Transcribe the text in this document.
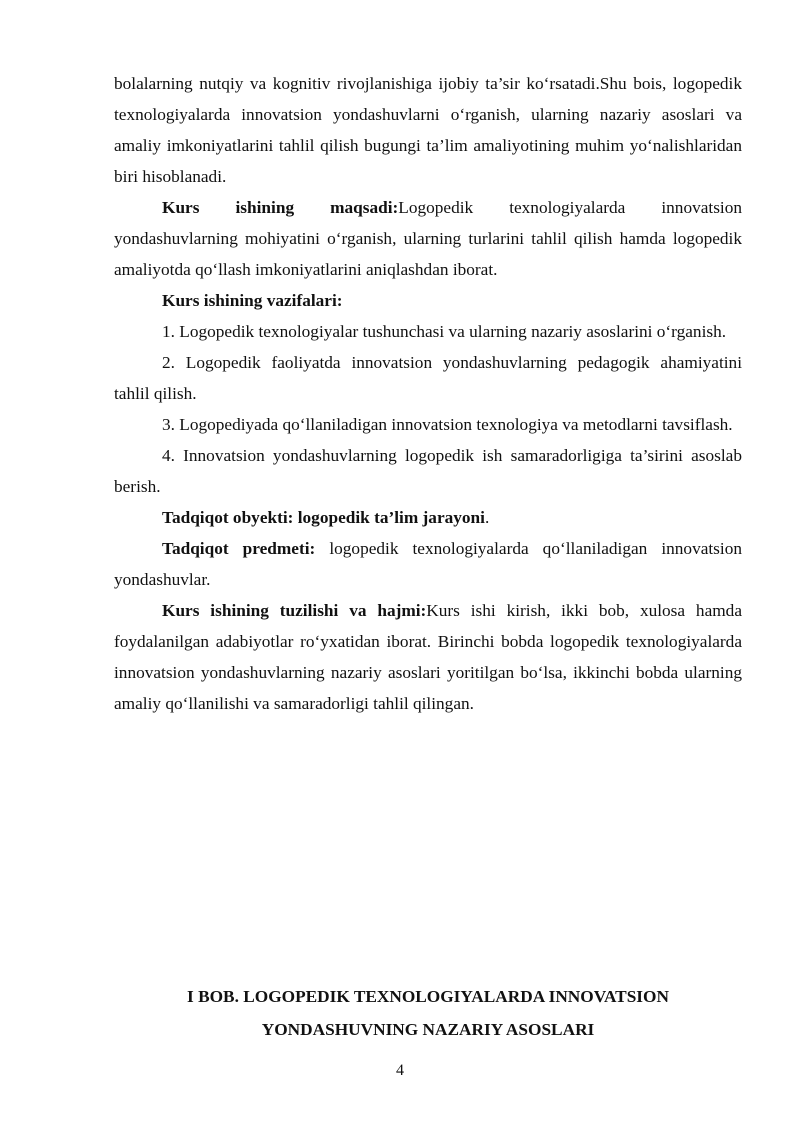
bolalarning nutqiy va kognitiv rivojlanishiga ijobiy ta’sir ko‘rsatadi.Shu bois, logopedik texnologiyalarda innovatsion yondashuvlarni o‘rganish, ularning nazariy asoslari va amaliy imkoniyatlarini tahlil qilish bugungi ta’lim amaliyotining muhim yo‘nalishlaridan biri hisoblanadi.

Kurs ishining maqsadi:Logopedik texnologiyalarda innovatsion yondashuvlarning mohiyatini o‘rganish, ularning turlarini tahlil qilish hamda logopedik amaliyotda qo‘llash imkoniyatlarini aniqlashdan iborat.

Kurs ishining vazifalari:

1. Logopedik texnologiyalar tushunchasi va ularning nazariy asoslarini o‘rganish.

2. Logopedik faoliyatda innovatsion yondashuvlarning pedagogik ahamiyatini tahlil qilish.

3. Logopediyada qo‘llaniladigan innovatsion texnologiya va metodlarni tavsiflash.

4. Innovatsion yondashuvlarning logopedik ish samaradorligiga ta’sirini asoslab berish.

Tadqiqot obyekti: logopedik ta’lim jarayoni.

Tadqiqot predmeti: logopedik texnologiyalarda qo‘llaniladigan innovatsion yondashuvlar.

Kurs ishining tuzilishi va hajmi:Kurs ishi kirish, ikki bob, xulosa hamda foydalanilgan adabiyotlar ro‘yxatidan iborat. Birinchi bobda logopedik texnologiyalarda innovatsion yondashuvlarning nazariy asoslari yoritilgan bo‘lsa, ikkinchi bobda ularning amaliy qo‘llanilishi va samaradorligi tahlil qilingan.

I BOB. LOGOPEDIK TEXNOLOGIYALARDA INNOVATSION
YONDASHUVNING NAZARIY ASOSLARI
4
